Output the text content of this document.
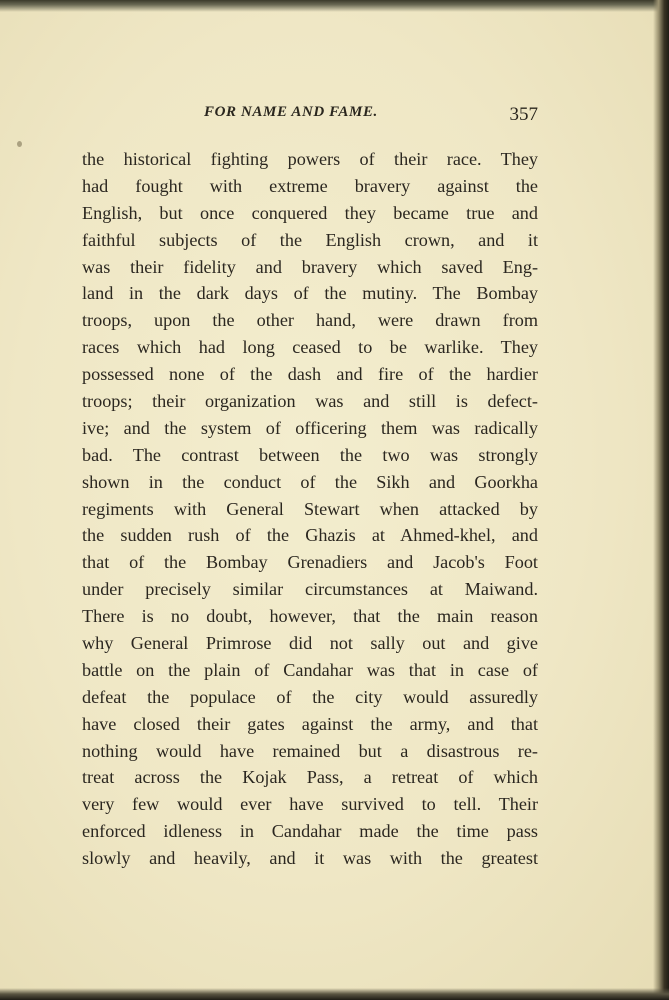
FOR NAME AND FAME.	357
the historical fighting powers of their race. They
had fought with extreme bravery against the
English, but once conquered they became true and
faithful subjects of the English crown, and it
was their fidelity and bravery which saved Eng-
land in the dark days of the mutiny. The Bombay
troops, upon the other hand, were drawn from
races which had long ceased to be warlike. They
possessed none of the dash and fire of the hardier
troops; their organization was and still is defect-
ive; and the system of officering them was radically
bad. The contrast between the two was strongly
shown in the conduct of the Sikh and Goorkha
regiments with General Stewart when attacked by
the sudden rush of the Ghazis at Ahmed-khel, and
that of the Bombay Grenadiers and Jacob's Foot
under precisely similar circumstances at Maiwand.
There is no doubt, however, that the main reason
why General Primrose did not sally out and give
battle on the plain of Candahar was that in case of
defeat the populace of the city would assuredly
have closed their gates against the army, and that
nothing would have remained but a disastrous re-
treat across the Kojak Pass, a retreat of which
very few would ever have survived to tell. Their
enforced idleness in Candahar made the time pass
slowly and heavily, and it was with the greatest
